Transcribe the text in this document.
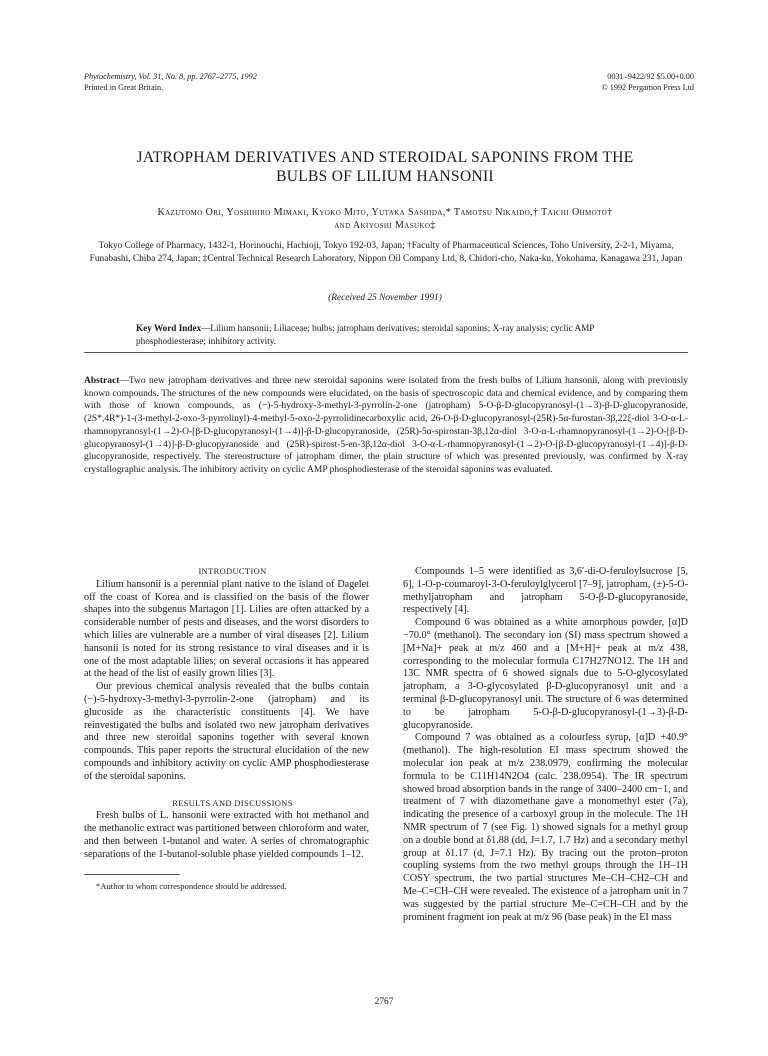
Phytochemistry, Vol. 31, No. 8, pp. 2767–2775, 1992
Printed in Great Britain.
0031–9422/92 $5.00+0.00
© 1992 Pergamon Press Ltd
JATROPHAM DERIVATIVES AND STEROIDAL SAPONINS FROM THE
BULBS OF LILIUM HANSONII
Kazutomo Ori, Yoshihiro Mimaki, Kyoko Mito, Yutaka Sashida,* Tamotsu Nikaido,† Taichi Ohmoto†
and Akiyoshi Masuko‡
Tokyo College of Pharmacy, 1432-1, Horinouchi, Hachioji, Tokyo 192-03, Japan; †Faculty of Pharmaceutical Sciences, Toho University, 2-2-1, Miyama, Funabashi, Chiba 274, Japan; ‡Central Technical Research Laboratory, Nippon Oil Company Ltd, 8, Chidori-cho, Naka-ku, Yokohama, Kanagawa 231, Japan
(Received 25 November 1991)
Key Word Index—Lilium hansonii; Liliaceae; bulbs; jatropham derivatives; steroidal saponins; X-ray analysis; cyclic AMP phosphodiesterase; inhibitory activity.
Abstract—Two new jatropham derivatives and three new steroidal saponins were isolated from the fresh bulbs of Lilium hansonii, along with previously known compounds. The structures of the new compounds were elucidated, on the basis of spectroscopic data and chemical evidence, and by comparing them with those of known compounds, as (−)-5-hydroxy-3-methyl-3-pyrrolin-2-one (jatropham) 5-O-β-D-glucopyranosyl-(1→3)-β-D-glucopyranoside, (2S*,4R*)-1-(3-methyl-2-oxo-3-pyrrolinyl)-4-methyl-5-oxo-2-pyrrolidinecarboxylic acid, 26-O-β-D-glucopyranosyl-(25R)-5α-furostan-3β,22ξ-diol 3-O-α-L-rhamnopyranosyl-(1→2)-O-[β-D-glucopyranosyl-(1→4)]-β-D-glucopyranoside, (25R)-5α-spirostan-3β,12α-diol 3-O-α-L-rhamnopyranosyl-(1→2)-O-[β-D-glucopyranosyl-(1→4)]-β-D-glucopyranoside and (25R)-spirost-5-en-3β,12α-diol 3-O-α-L-rhamnopyranosyl-(1→2)-O-[β-D-glucopyranosyl-(1→4)]-β-D-glucopyranoside, respectively. The stereostructure of jatropham dimer, the plain structure of which was presented previously, was confirmed by X-ray crystallographic analysis. The inhibitory activity on cyclic AMP phosphodiesterase of the steroidal saponins was evaluated.

INTRODUCTION

Lilium hansonii is a perennial plant native to the island of Dagelet off the coast of Korea and is classified on the basis of the flower shapes into the subgenus Martagon [1]. Lilies are often attacked by a considerable number of pests and diseases, and the worst disorders to which lilies are vulnerable are a number of viral diseases [2]. Lilium hansonii is noted for its strong resistance to viral diseases and it is one of the most adaptable lilies; on several occasions it has appeared at the head of the list of easily grown lilies [3].

Our previous chemical analysis revealed that the bulbs contain (−)-5-hydroxy-3-methyl-3-pyrrolin-2-one (jatropham) and its glucoside as the characteristic constituents [4]. We have reinvestigated the bulbs and isolated two new jatropham derivatives and three new steroidal saponins together with several known compounds. This paper reports the structural elucidation of the new compounds and inhibitory activity on cyclic AMP phosphodiesterase of the steroidal saponins.

RESULTS AND DISCUSSIONS

Fresh bulbs of L. hansonii were extracted with hot methanol and the methanolic extract was partitioned between chloroform and water, and then between 1-butanol and water. A series of chromatographic separations of the 1-butanol-soluble phase yielded compounds 1–12.

*Author to whom correspondence should be addressed.

Compounds 1–5 were identified as 3,6′-di-O-feruloylsucrose [5, 6], 1-O-p-coumaroyl-3-O-feruloylglycerol [7–9], jatropham, (±)-5-O-methyljatropham and jatropham 5-O-β-D-glucopyranoside, respectively [4].

Compound 6 was obtained as a white amorphous powder, [α]D −70.0° (methanol). The secondary ion (SI) mass spectrum showed a [M+Na]+ peak at m/z 460 and a [M+H]+ peak at m/z 438, corresponding to the molecular formula C17H27NO12. The 1H and 13C NMR spectra of 6 showed signals due to 5-O-glycosylated jatropham, a 3-O-glycosylated β-D-glucopyranosyl unit and a terminal β-D-glucopyranosyl unit. The structure of 6 was determined to be jatropham 5-O-β-D-glucopyranosyl-(1→3)-β-D-glucopyranoside.

Compound 7 was obtained as a colourless syrup, [α]D +40.9° (methanol). The high-resolution EI mass spectrum showed the molecular ion peak at m/z 238.0979, confirming the molecular formula to be C11H14N2O4 (calc. 238.0954). The IR spectrum showed broad absorption bands in the range of 3400–2400 cm−1, and treatment of 7 with diazomethane gave a monomethyl ester (7a), indicating the presence of a carboxyl group in the molecule. The 1H NMR spectrum of 7 (see Fig. 1) showed signals for a methyl group on a double bond at δ1.88 (dd, J=1.7, 1.7 Hz) and a secondary methyl group at δ1.17 (d, J=7.1 Hz). By tracing out the proton–proton coupling systems from the two methyl groups through the 1H–1H COSY spectrum, the two partial structures Me–CH–CH2–CH and Me–C=CH–CH were revealed. The existence of a jatropham unit in 7 was suggested by the partial structure Me–C=CH–CH and by the prominent fragment ion peak at m/z 96 (base peak) in the EI mass

2767
